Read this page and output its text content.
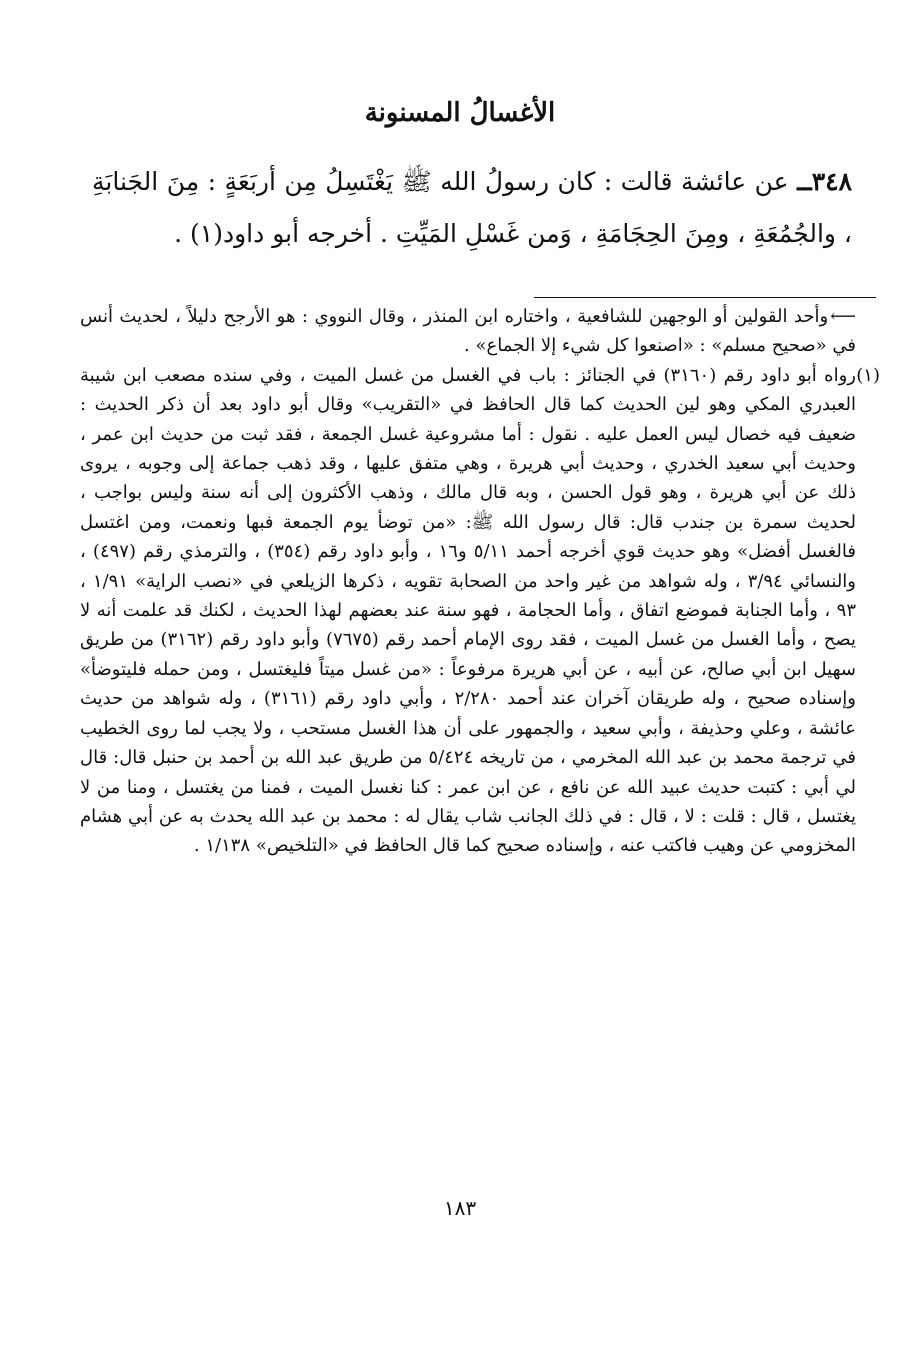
الأغسالُ المسنونة

٣٤٨ــ عن عائشة قالت : كان رسولُ الله ﷺ يَغْتَسِلُ مِن أربَعَةٍ : مِنَ الجَنابَةِ ، والجُمُعَةِ ، ومِنَ الحِجَامَةِ ، وَمن غَسْلِ المَيِّتِ . أخرجه أبو داود(١) .

⟵وأحد القولين أو الوجهين للشافعية ، واختاره ابن المنذر ، وقال النووي : هو الأرجح دليلاً ، لحديث أنس في «صحيح مسلم» : «اصنعوا كل شيء إلا الجماع» .

(١)
رواه أبو داود رقم (٣١٦٠) في الجنائز : باب في الغسل من غسل الميت ، وفي سنده مصعب ابن شيبة العبدري المكي وهو لين الحديث كما قال الحافظ في «التقريب» وقال أبو داود بعد أن ذكر الحديث : ضعيف فيه خصال ليس العمل عليه . نقول : أما مشروعية غسل الجمعة ، فقد ثبت من حديث ابن عمر ، وحديث أبي سعيد الخدري ، وحديث أبي هريرة ، وهي متفق عليها ، وقد ذهب جماعة إلى وجوبه ، يروى ذلك عن أبي هريرة ، وهو قول الحسن ، وبه قال مالك ، وذهب الأكثرون إلى أنه سنة وليس بواجب ، لحديث سمرة بن جندب قال: قال رسول الله ﷺ: «من توضأ يوم الجمعة فبها ونعمت، ومن اغتسل فالغسل أفضل» وهو حديث قوي أخرجه أحمد ٥/١١ و١٦ ، وأبو داود رقم (٣٥٤) ، والترمذي رقم (٤٩٧) ، والنسائي ٣/٩٤ ، وله شواهد من غير واحد من الصحابة تقويه ، ذكرها الزيلعي في «نصب الراية» ١/٩١ ، ٩٣ ، وأما الجنابة فموضع اتفاق ، وأما الحجامة ، فهو سنة عند بعضهم لهذا الحديث ، لكنك قد علمت أنه لا يصح ، وأما الغسل من غسل الميت ، فقد روى الإمام أحمد رقم (٧٦٧٥) وأبو داود رقم (٣١٦٢) من طريق سهيل ابن أبي صالح، عن أبيه ، عن أبي هريرة مرفوعاً : «من غسل ميتاً فليغتسل ، ومن حمله فليتوضأ» وإسناده صحيح ، وله طريقان آخران عند أحمد ٢/٢٨٠ ، وأبي داود رقم (٣١٦١) ، وله شواهد من حديث عائشة ، وعلي وحذيفة ، وأبي سعيد ، والجمهور على أن هذا الغسل مستحب ، ولا يجب لما روى الخطيب في ترجمة محمد بن عبد الله المخرمي ، من تاريخه ٥/٤٢٤ من طريق عبد الله بن أحمد بن حنبل قال: قال لي أبي : كتبت حديث عبيد الله عن نافع ، عن ابن عمر : كنا نغسل الميت ، فمنا من يغتسل ، ومنا من لا يغتسل ، قال : قلت : لا ، قال : في ذلك الجانب شاب يقال له : محمد بن عبد الله يحدث به عن أبي هشام المخزومي عن وهيب فاكتب عنه ، وإسناده صحيح كما قال الحافظ في «التلخيص» ١/١٣٨ .

١٨٣
